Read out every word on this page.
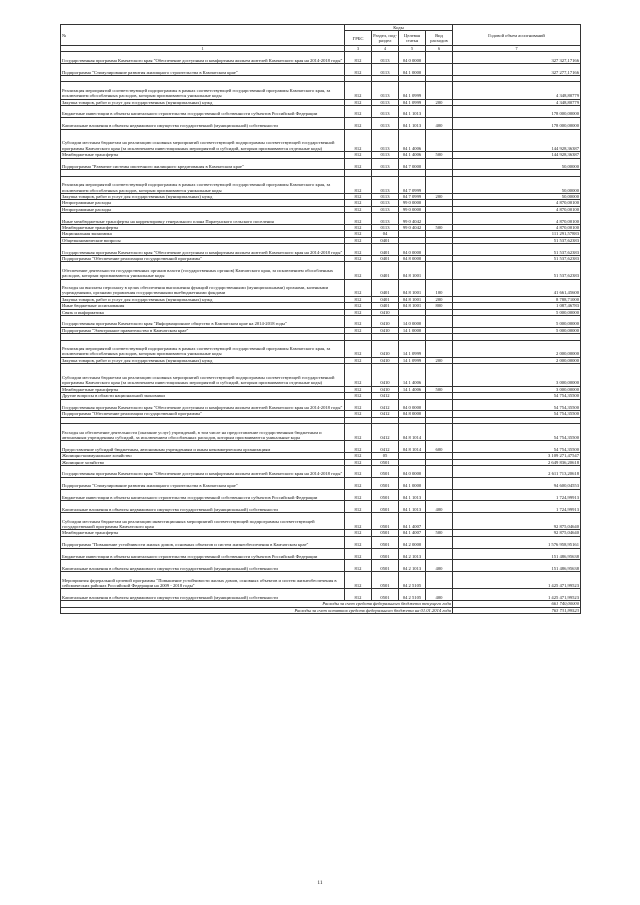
№	Коды				Годовой объем ассигнований
	ГРБС	Раздел, под-раздел	Целевая статья	Вид расходов	
1	3	4	5	6	7
Государственная программа Камчатского края "Обеспечение доступным и комфортным жильем жителей Камчатского края на 2014-2018 годы"	812	0113	04 0 0000		327 327,17166
Подпрограмма "Стимулирование развития жилищного строительства в Камчатском крае"	812	0113	04 1 0000		327 277,17166

Реализация мероприятий соответствующей подпрограммы в рамках соответствующей государственной программы Камчатского края, за исключением обособленных расходов, которым присваиваются уникальные коды	812	0113	04 1 0999		4 348,80779
Закупка товаров, работ и услуг для государственных (муниципальных) нужд	812	0113	04 1 0999	200	4 348,80779
Бюджетные инвестиции в объекты капитального строительства государственной собственности субъектов Российской Федерации	812	0113	04 1 1013		178 000,00000
Капитальные вложения в объекты недвижимого имущества государственной (муниципальной) собственности	812	0113	04 1 1013	400	178 000,00000
Субсидии местным бюджетам на реализацию основных мероприятий соответствующей подпрограммы соответствующей государственной программы Камчатского края (за исключением инвестиционных мероприятий и субсидий, которым присваиваются отдельные коды)	812	0113	04 1 4006		144 928,36387
Межбюджетные трансферты	812	0113	04 1 4006	500	144 928,36387
Подпрограмма "Развитие системы ипотечного жилищного кредитования в Камчатском крае"	812	0113	04 7 0000		50,00000

Реализация мероприятий соответствующей подпрограммы в рамках соответствующей государственной программы Камчатского края, за исключением обособленных расходов, которым присваиваются уникальные коды	812	0113	04 7 0999		50,00000
Закупка товаров, работ и услуг для государственных (муниципальных) нужд	812	0113	04 7 0999	200	50,00000
Непрограммные расходы	812	0113	99 0 0000		4 870,00100
Непрограммные расходы	812	0113	99 0 0000		4 870,00100
Иные межбюджетные трансферты на корректировку генерального плана Паратунского сельского поселения	812	0113	99 0 4042		4 870,00100
Межбюджетные трансферты	812	0113	99 0 4042	500	4 870,00100
Национальная экономика	812	04			111 291,57883
Общеэкономические вопросы	812	0401			51 537,62383
Государственная программа Камчатского края "Обеспечение доступным и комфортным жильем жителей Камчатского края на 2014-2018 годы"	812	0401	04 0 0000		51 537,62383
Подпрограмма "Обеспечение реализации государственной программы"	812	0401	04 8 0000		51 537,62383
Обеспечение деятельности государственных органов власти (государственных органов) Камчатского края, за исключением обособленных расходов, которым присваиваются уникальные коды	812	0401	04 8 1001		51 537,62383
Расходы на выплаты персоналу в целях обеспечения выполнения функций государственными (муниципальными) органами, казенными учреждениями, органами управления государственными внебюджетными фондами	812	0401	04 8 1001	100	41 661,45600
Закупка товаров, работ и услуг для государственных (муниципальных) нужд	812	0401	04 8 1001	200	8 788,71000
Иные бюджетные ассигнования	812	0401	04 8 1001	800	1 087,46783
Связь и информатика	812	0410			5 000,00000
Государственная программа Камчатского края "Информационное общество в Камчатском крае на 2014-2018 годы"	812	0410	14 0 0000		5 000,00000
Подпрограмма "Электронное правительство в Камчатском крае"	812	0410	14 1 0000		5 000,00000

Реализация мероприятий соответствующей подпрограммы в рамках соответствующей государственной программы Камчатского края, за исключением обособленных расходов, которым присваиваются уникальные коды	812	0410	14 1 0999		2 000,00000
Закупка товаров, работ и услуг для государственных (муниципальных) нужд	812	0410	14 1 0999	200	2 000,00000
Субсидии местным бюджетам на реализацию основных мероприятий соответствующей подпрограммы соответствующей государственной программы Камчатского края (за исключением инвестиционных мероприятий и субсидий, которым присваиваются отдельные коды)	812	0410	14 1 4006		3 000,00000
Межбюджетные трансферты	812	0410	14 1 4006	500	3 000,00000
Другие вопросы в области национальной экономики	812	0412			54 754,35500
Государственная программа Камчатского края "Обеспечение доступным и комфортным жильем жителей Камчатского края на 2014-2018 годы"	812	0412	04 0 0000		54 754,35500
Подпрограмма "Обеспечение реализации государственной программы"	812	0412	04 8 0000		54 754,35500

Расходы на обеспечение деятельности (оказание услуг) учреждений, в том числе на предоставление государственным бюджетным и автономным учреждениям субсидий, за исключением обособленных расходов, которым присваиваются уникальные коды	812	0412	04 8 1014		54 754,35500
Предоставление субсидий бюджетным, автономным учреждениям и иным некоммерческим организациям	812	0412	04 8 1014	600	54 754,35500
Жилищно-коммунальное хозяйство	812	05			3 109 271,47547
Жилищное хозяйство	812	0501			2 649 836,20618
Государственная программа Камчатского края "Обеспечение доступным и комфортным жильем жителей Камчатского края на 2014-2018 годы"	812	0501	04 0 0000		2 611 713,20618
Подпрограмма "Стимулирование развития жилищного строительства в Камчатском крае"	812	0501	04 1 0000		94 600,04553
Бюджетные инвестиции в объекты капитального строительства государственной собственности субъектов Российской Федерации	812	0501	04 1 1013		1 724,99913
Капитальные вложения в объекты недвижимого имущества государственной (муниципальной) собственности	812	0501	04 1 1013	400	1 724,99913
Субсидии местным бюджетам на реализацию инвестиционных мероприятий соответствующей подпрограммы соответствующей государственной программы Камчатского края	812	0501	04 1 4007		92 875,04640
Межбюджетные трансферты	812	0501	04 1 4007	500	92 875,04640
Подпрограмма "Повышение устойчивости жилых домов, основных объектов и систем жизнеобеспечения в Камчатском крае"	812	0501	04 2 0000		1 576 958,95161
Бюджетные инвестиции в объекты капитального строительства государственной собственности субъектов Российской Федерации	812	0501	04 2 1013		151 486,95638
Капитальные вложения в объекты недвижимого имущества государственной (муниципальной) собственности	812	0501	04 2 1013	400	151 486,95638
Мероприятия федеральной целевой программы "Повышение устойчивости жилых домов, основных объектов и систем жизнеобеспечения в сейсмических районах Российской Федерации на 2009 - 2018 годы"	812	0501	04 2 5105		1 425 471,99523
Капитальные вложения в объекты недвижимого имущества государственной (муниципальной) собственности	812	0501	04 2 5105	400	1 425 471,99523
Расходы за счет средств федерального бюджета текущего года					661 740,00000
Расходы за счет остатков средств федерального бюджета на 01.01.2014 года					763 731,99523
11
